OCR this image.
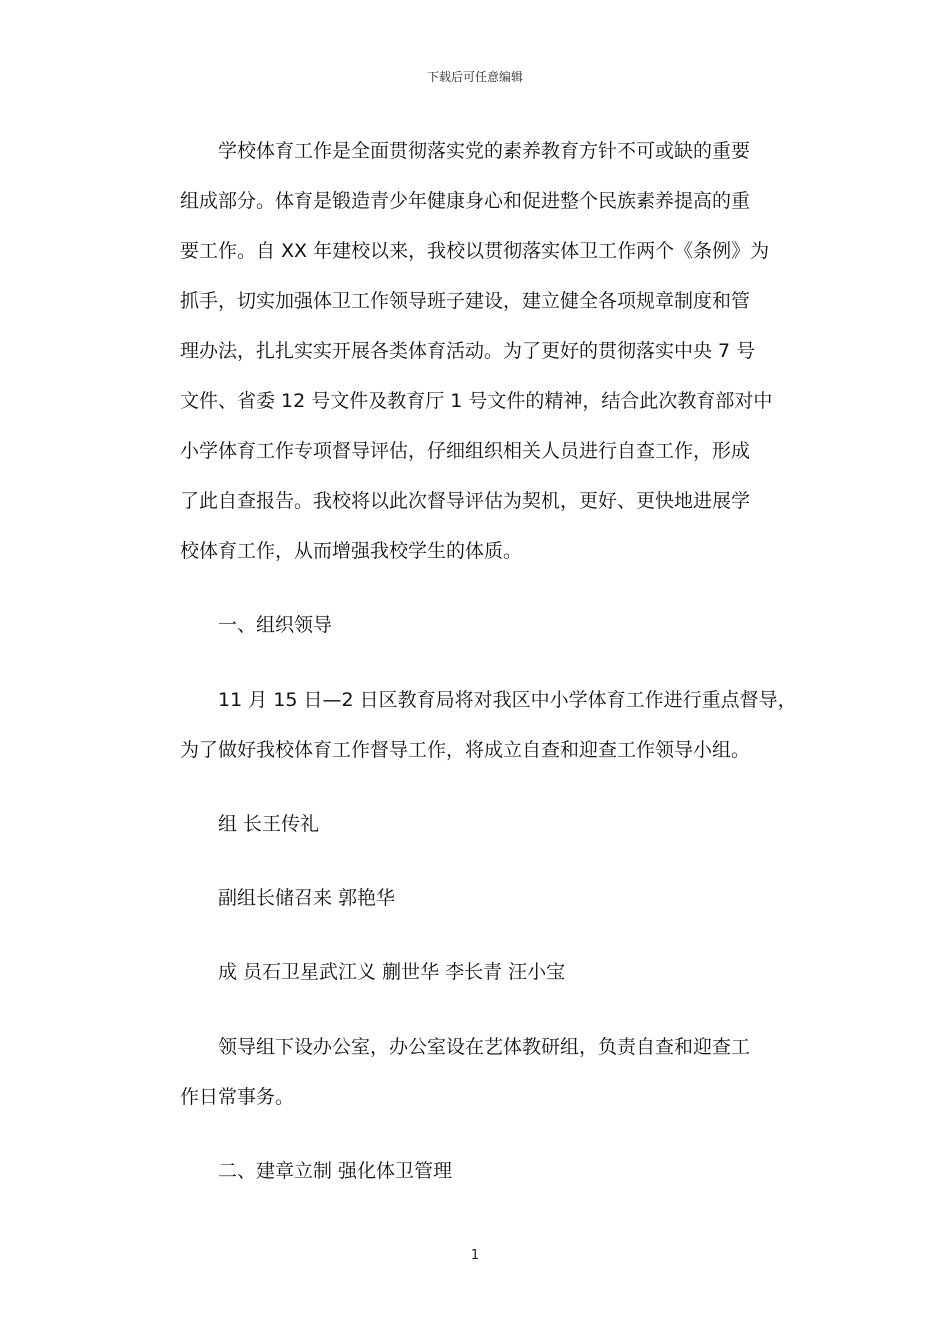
下载后可任意编辑
学校体育工作是全面贯彻落实党的素养教育方针不可或缺的重要
组成部分。体育是锻造青少年健康身心和促进整个民族素养提高的重
要工作。自 XX 年建校以来，我校以贯彻落实体卫工作两个《条例》为
抓手，切实加强体卫工作领导班子建设，建立健全各项规章制度和管
理办法，扎扎实实开展各类体育活动。为了更好的贯彻落实中央 7 号
文件、省委 12 号文件及教育厅 1 号文件的精神，结合此次教育部对中
小学体育工作专项督导评估，仔细组织相关人员进行自查工作，形成
了此自查报告。我校将以此次督导评估为契机，更好、更快地进展学
校体育工作，从而增强我校学生的体质。
一、组织领导
11 月 15 日—2 日区教育局将对我区中小学体育工作进行重点督导，
为了做好我校体育工作督导工作，将成立自查和迎查工作领导小组。
组 长王传礼
副组长储召来 郭艳华
成 员石卫星武江义 蒯世华 李长青 汪小宝
领导组下设办公室，办公室设在艺体教研组，负责自查和迎查工
作日常事务。
二、建章立制 强化体卫管理
1
